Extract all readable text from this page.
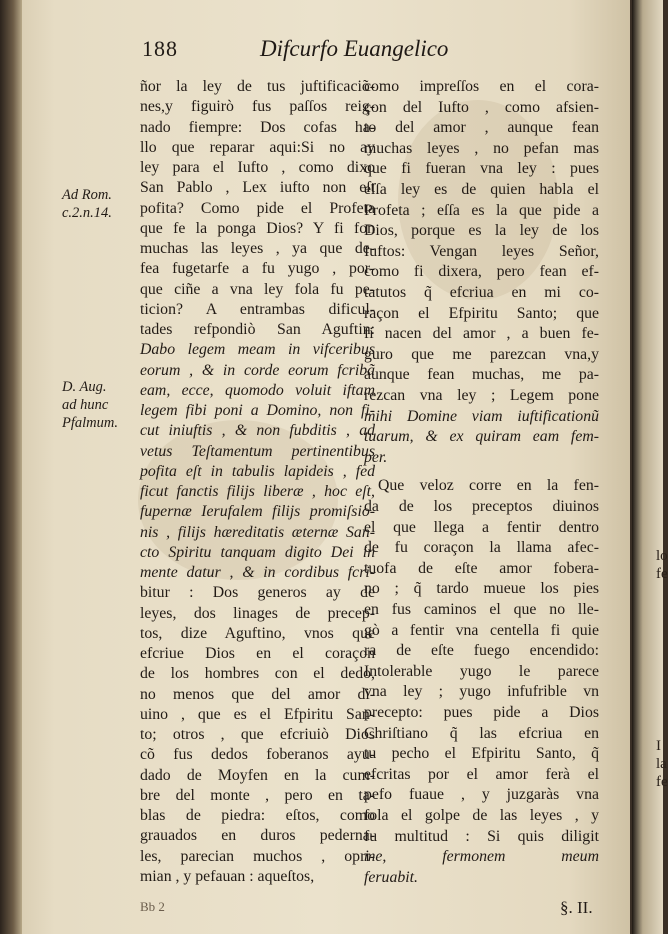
lo
fe
I
la
fe
188	Difcurfo Euangelico
Ad Rom.
c.2.n.14.
D. Aug.
ad hunc
Pfalmum.
ñor la ley de tus juftificaciõ-
nes,y figuirò fus paſſos reig-
nado fiempre: Dos cofas ha-
llo que reparar aqui:Si no ay
ley para el Iufto , como dixo
San Pablo , Lex iufto non eſt
pofita? Como pide el Profeta
que fe la ponga Dios? Y fi fon
muchas las leyes , ya que de-
fea fugetarfe a fu yugo , por-
que ciñe a vna ley fola fu pe-
ticion? A entrambas dificul-
tades refpondiò San Aguftin:
Dabo legem meam in vifceribus
eorum , & in corde eorum fcribã
eam, ecce, quomodo voluit iftam
legem fibi poni a Domino, non fi-
cut iniuftis , & non fubditis , ad
vetus Teſtamentum pertinentibus
pofita eſt in tabulis lapideis , fed
ficut fanctis filijs liberæ , hoc eſt,
fupernæ Ierufalem filijs promiſsio-
nis , filijs hæreditatis æternæ San-
cto Spiritu tanquam digito Dei in
mente datur , & in cordibus fcri-
bitur : Dos generos ay de
leyes, dos linages de precep-
tos, dize Aguftino, vnos que
efcriue Dios en el coraçon
de los hombres con el dedo,
no menos que del amor di-
uino , que es el Efpiritu San-
to; otros , que efcriuiò Dios
cõ fus dedos foberanos ayu-
dado de Moyfen en la cum-
bre del monte , pero en ta-
blas de piedra: eſtos, como
grauados en duros pederna-
les, parecian muchos , opri-
mian , y pefauan : aqueſtos,
como impreſſos en el cora-
çon del Iufto , como afsien-
to del amor , aunque fean
muchas leyes , no pefan mas
que fi fueran vna ley : pues
eſſa ley es de quien habla el
Profeta ; eſſa es la que pide a
Dios, porque es la ley de los
Iuftos: Vengan leyes Señor,
como fi dixera, pero fean ef-
tatutos q̃ efcriua en mi co-
raçon el Efpiritu Santo; que
fi nacen del amor , a buen fe-
guro que me parezcan vna,y
aunque fean muchas, me pa-
rezcan vna ley ; Legem pone
mihi Domine viam iuftificationũ
tuarum, & ex quiram eam fem-
per.
Que veloz corre en la fen-
da de los preceptos diuinos
el que llega a fentir dentro
de fu coraçon la llama afec-
tuofa de eſte amor fobera-
no ; q̃ tardo mueue los pies
en fus caminos el que no lle-
gò a fentir vna centella fi quie
ra de eſte fuego encendido:
Intolerable yugo le parece
vna ley ; yugo infufrible vn
precepto: pues pide a Dios
Chriſtiano q̃ las efcriua en
tu pecho el Efpiritu Santo, q̃
efcritas por el amor ferà el
pefo fuaue , y juzgaràs vna
fola el golpe de las leyes , y
fu multitud : Si quis diligit
me, fermonem meum
feruabit.
Bb 2	§. II.
